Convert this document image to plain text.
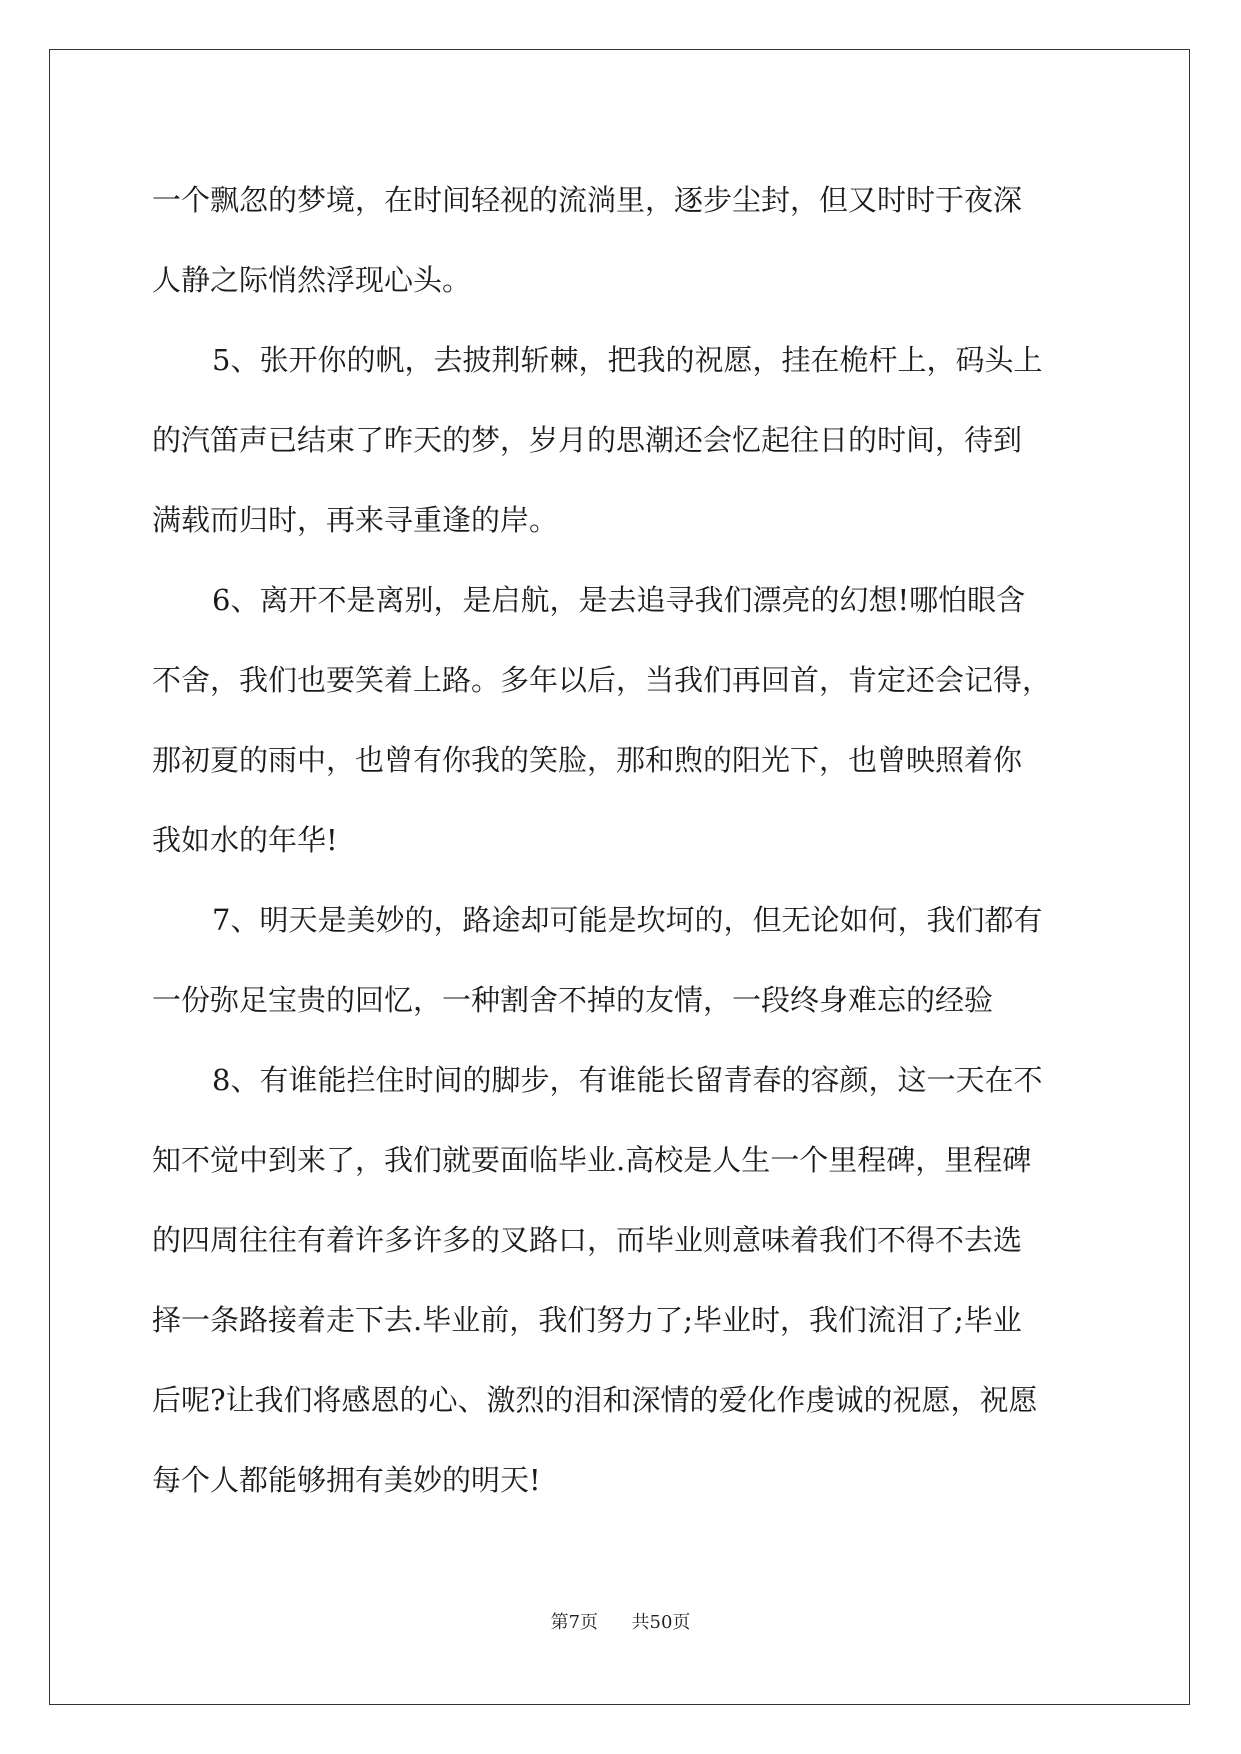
一个飘忽的梦境，在时间轻视的流淌里，逐步尘封，但又时时于夜深
人静之际悄然浮现心头。
5、张开你的帆，去披荆斩棘，把我的祝愿，挂在桅杆上，码头上
的汽笛声已结束了昨天的梦，岁月的思潮还会忆起往日的时间，待到
满载而归时，再来寻重逢的岸。
6、离开不是离别，是启航，是去追寻我们漂亮的幻想!哪怕眼含
不舍，我们也要笑着上路。多年以后，当我们再回首，肯定还会记得，
那初夏的雨中，也曾有你我的笑脸，那和煦的阳光下，也曾映照着你
我如水的年华!
7、明天是美妙的，路途却可能是坎坷的，但无论如何，我们都有
一份弥足宝贵的回忆，一种割舍不掉的友情，一段终身难忘的经验
8、有谁能拦住时间的脚步，有谁能长留青春的容颜，这一天在不
知不觉中到来了，我们就要面临毕业.高校是人生一个里程碑，里程碑
的四周往往有着许多许多的叉路口，而毕业则意味着我们不得不去选
择一条路接着走下去.毕业前，我们努力了;毕业时，我们流泪了;毕业
后呢?让我们将感恩的心、激烈的泪和深情的爱化作虔诚的祝愿，祝愿
每个人都能够拥有美妙的明天!
第7页 共50页
